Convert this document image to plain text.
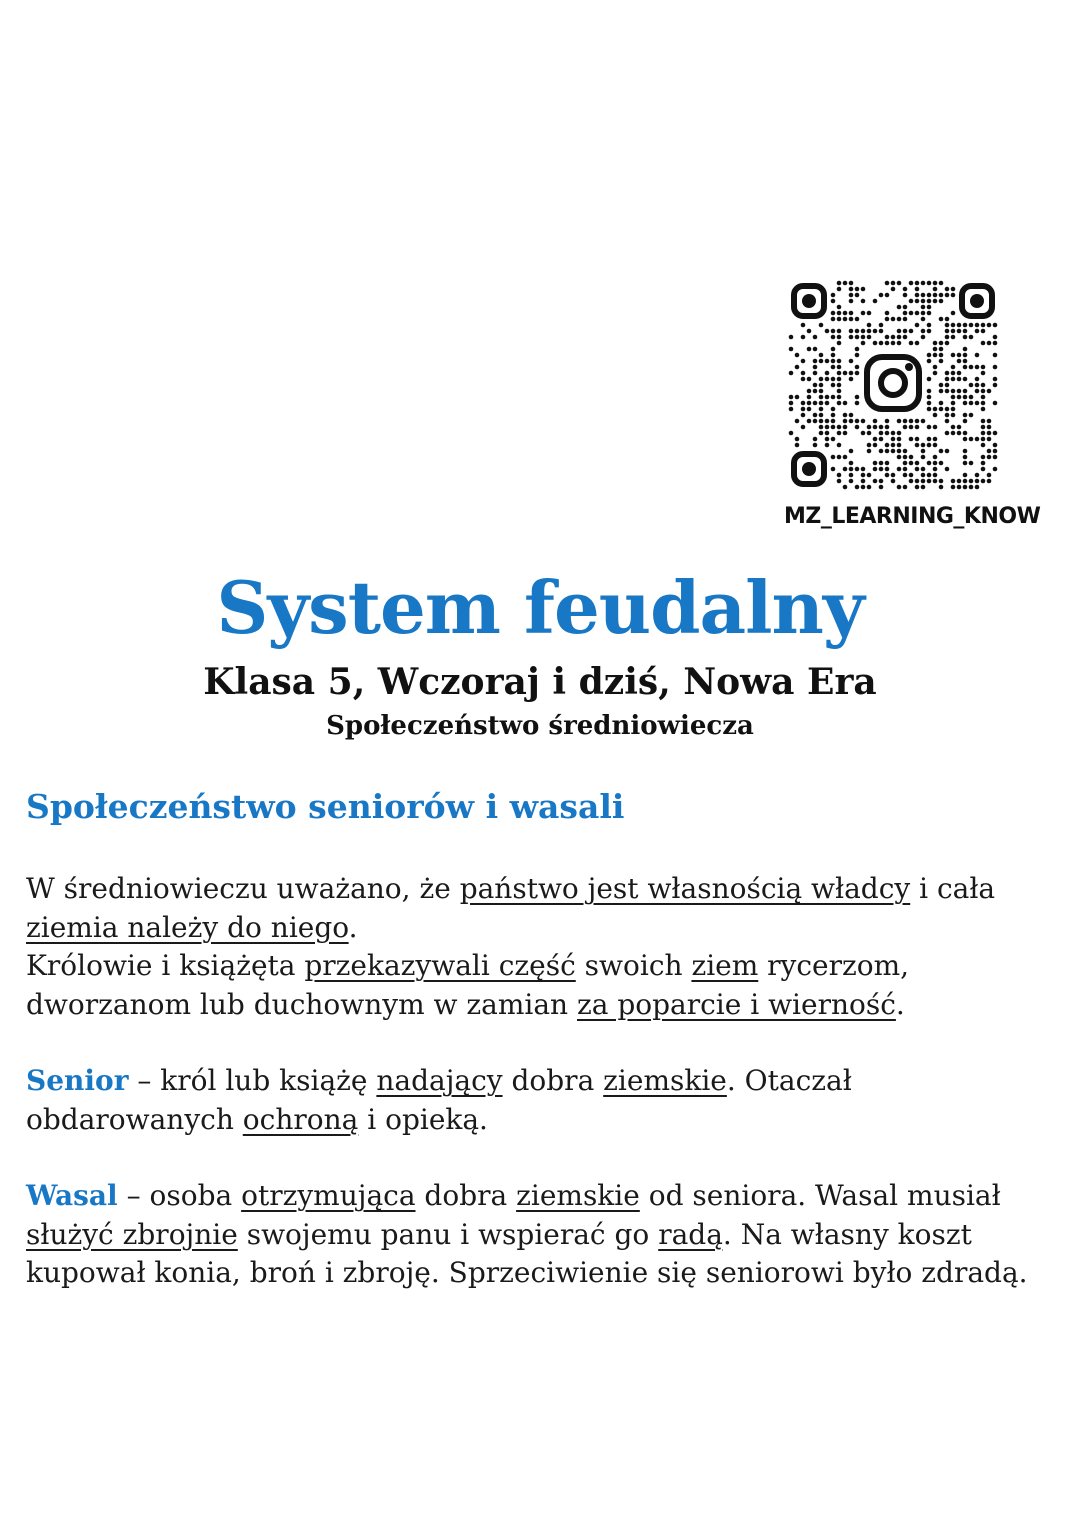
MZ_LEARNING_KNOW
System feudalny
Klasa 5, Wczoraj i dziś, Nowa Era
Społeczeństwo średniowiecza
Społeczeństwo seniorów i wasali
W średniowieczu uważano, że państwo jest własnością władcy i cała ziemia należy do niego.
Królowie i książęta przekazywali część swoich ziem rycerzom, dworzanom lub duchownym w zamian za poparcie i wierność.
Senior – król lub książę nadający dobra ziemskie. Otaczał obdarowanych ochroną i opieką.
Wasal – osoba otrzymująca dobra ziemskie od seniora. Wasal musiał służyć zbrojnie swojemu panu i wspierać go radą. Na własny koszt kupował konia, broń i zbroję. Sprzeciwienie się seniorowi było zdradą.
